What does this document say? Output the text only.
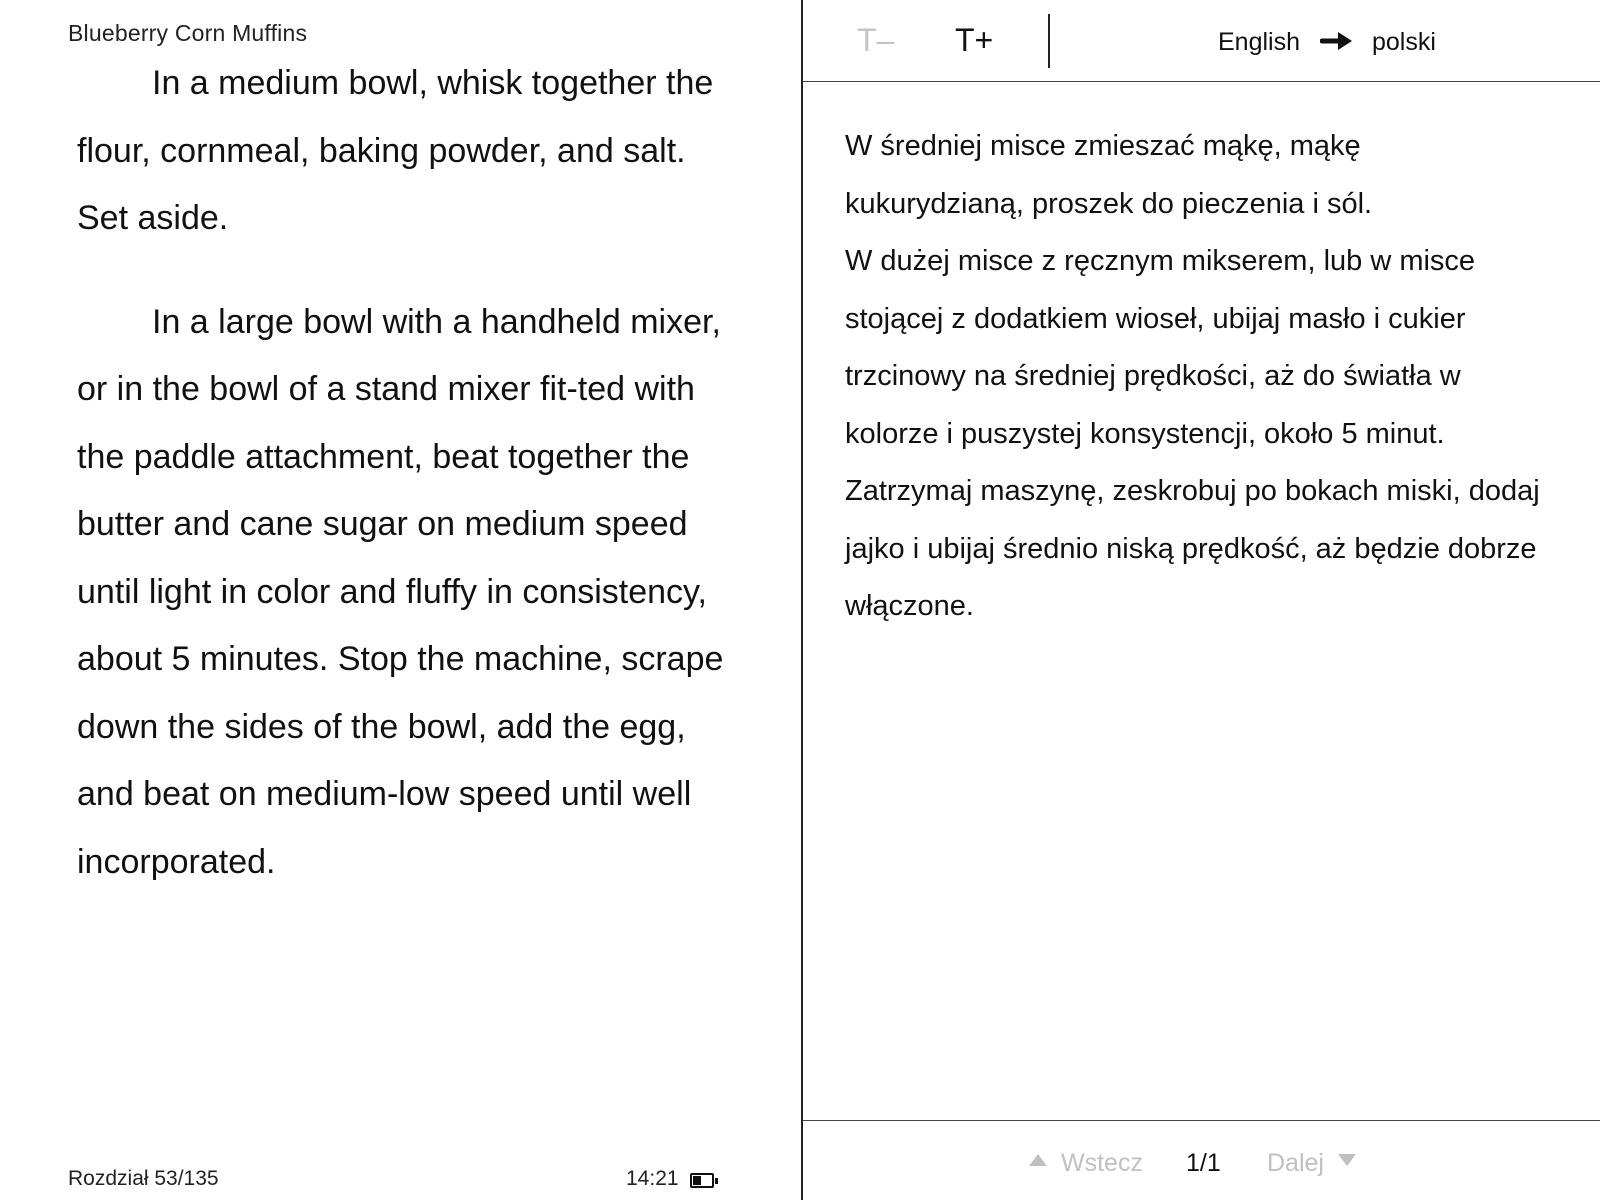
Blueberry Corn Muffins

In a medium bowl, whisk together the flour, cornmeal, baking powder, and salt. Set aside.

In a large bowl with a handheld mixer, or in the bowl of a stand mixer fit-ted with the paddle attachment, beat together the butter and cane sugar on medium speed until light in color and fluffy in consistency, about 5 minutes. Stop the machine, scrape down the sides of the bowl, add the egg, and beat on medium-low speed until well incorporated.

Rozdział 53/135	14:21
T– T+	English	polski
W średniej misce zmieszać mąkę, mąkę kukurydzianą, proszek do pieczenia i sól.
W dużej misce z ręcznym mikserem, lub w misce stojącej z dodatkiem wioseł, ubijaj masło i cukier trzcinowy na średniej prędkości, aż do światła w kolorze i puszystej konsystencji, około 5 minut. Zatrzymaj maszynę, zeskrobuj po bokach miski, dodaj jajko i ubijaj średnio niską prędkość, aż będzie dobrze włączone.
Wstecz 1/1 Dalej
